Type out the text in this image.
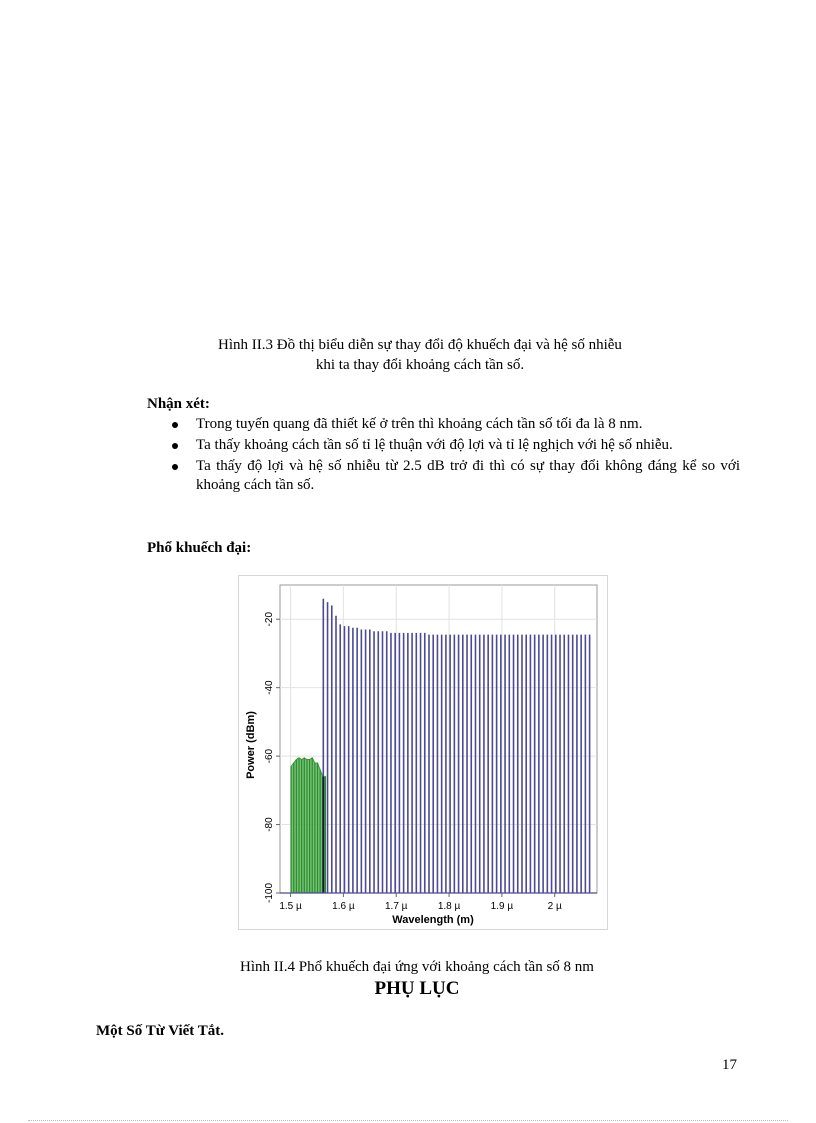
Hình II.3 Đồ thị biểu diễn sự thay đổi độ khuếch đại và hệ số nhiễu
khi ta thay đổi khoảng cách tần số.
Nhận xét:
Trong tuyến quang đã thiết kế ở trên thì khoảng cách tần số tối đa là 8 nm.
Ta thấy khoảng cách tần số tỉ lệ thuận với độ lợi và tỉ lệ nghịch với hệ số nhiễu.
Ta thấy độ lợi và hệ số nhiễu từ 2.5 dB trở đi thì có sự thay đổi không đáng kể so với khoảng cách tần số.
Phổ khuếch đại:
1.5 µ	1.6 µ	1.7 µ	1.8 µ	1.9 µ	2 µ
-20
-40
-60
-80
-100
Wavelength (m)
Power (dBm)
Hình II.4 Phổ khuếch đại ứng với khoảng cách tần số 8 nm
PHỤ LỤC
Một Số Từ Viết Tắt.
17
